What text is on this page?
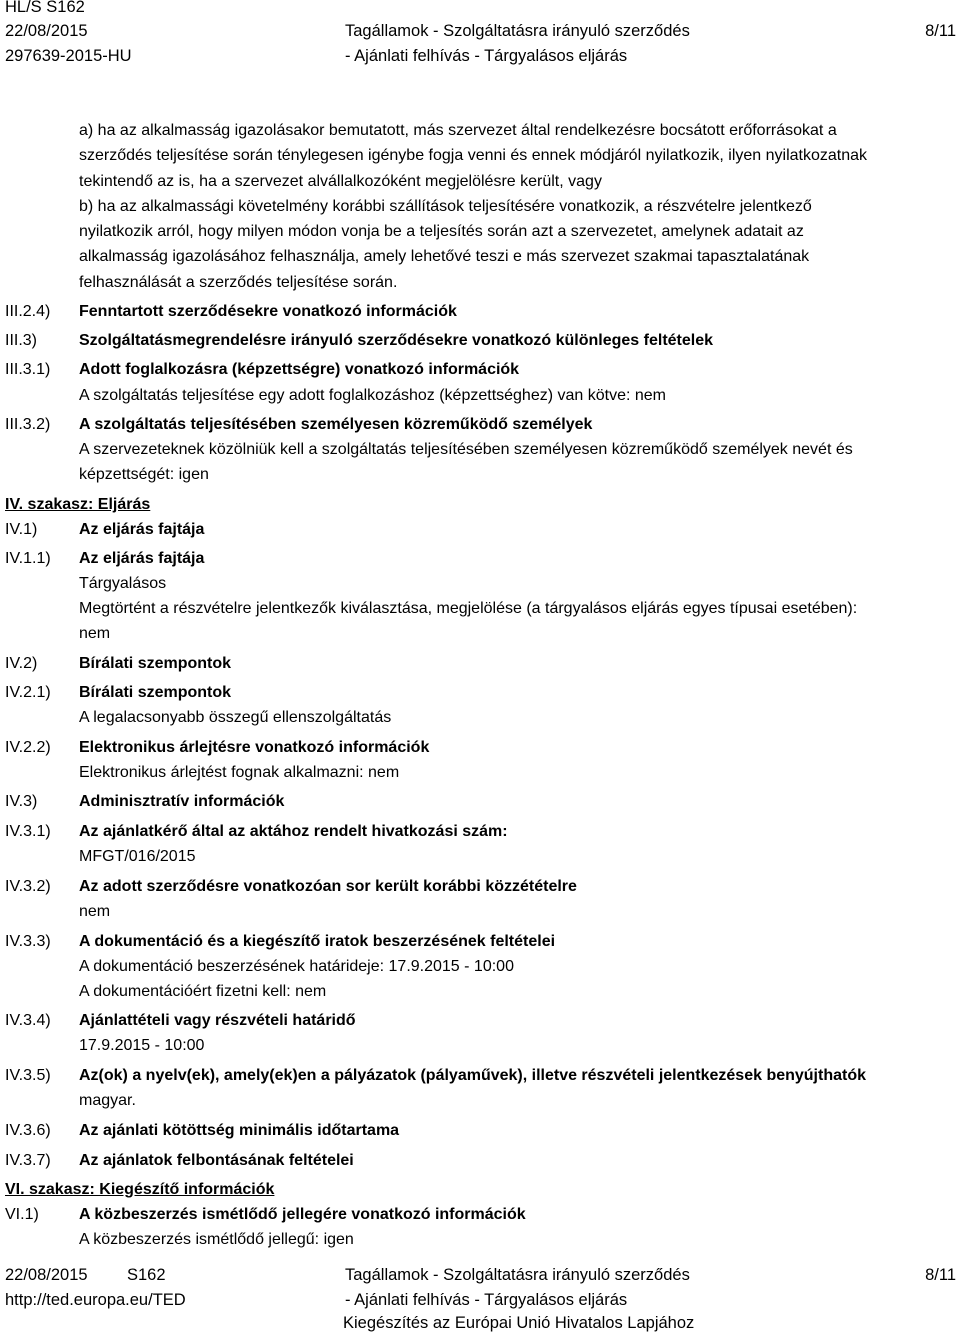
HL/S S162
22/08/2015
297639-2015-HU
Tagállamok - Szolgáltatásra irányuló szerződés
- Ajánlati felhívás - Tárgyalásos eljárás
8/11
a) ha az alkalmasság igazolásakor bemutatott, más szervezet által rendelkezésre bocsátott erőforrásokat a
szerződés teljesítése során ténylegesen igénybe fogja venni és ennek módjáról nyilatkozik, ilyen nyilatkozatnak
tekintendő az is, ha a szervezet alvállalkozóként megjelölésre került, vagy
b) ha az alkalmassági követelmény korábbi szállítások teljesítésére vonatkozik, a részvételre jelentkező
nyilatkozik arról, hogy milyen módon vonja be a teljesítés során azt a szervezetet, amelynek adatait az
alkalmasság igazolásához felhasználja, amely lehetővé teszi e más szervezet szakmai tapasztalatának
felhasználását a szerződés teljesítése során.
III.2.4) Fenntartott szerződésekre vonatkozó információk
III.3)	Szolgáltatásmegrendelésre irányuló szerződésekre vonatkozó különleges feltételek
III.3.1) Adott foglalkozásra (képzettségre) vonatkozó információk
A szolgáltatás teljesítése egy adott foglalkozáshoz (képzettséghez) van kötve: nem
III.3.2) A szolgáltatás teljesítésében személyesen közreműködő személyek
A szervezeteknek közölniük kell a szolgáltatás teljesítésében személyesen közreműködő személyek nevét és
képzettségét: igen
IV. szakasz: Eljárás
IV.1)	Az eljárás fajtája
IV.1.1) Az eljárás fajtája
Tárgyalásos
Megtörtént a részvételre jelentkezők kiválasztása, megjelölése (a tárgyalásos eljárás egyes típusai esetében):
nem
IV.2)	Bírálati szempontok
IV.2.1) Bírálati szempontok
A legalacsonyabb összegű ellenszolgáltatás
IV.2.2) Elektronikus árlejtésre vonatkozó információk
Elektronikus árlejtést fognak alkalmazni: nem
IV.3)	Adminisztratív információk
IV.3.1) Az ajánlatkérő által az aktához rendelt hivatkozási szám:
MFGT/016/2015
IV.3.2) Az adott szerződésre vonatkozóan sor került korábbi közzétételre
nem
IV.3.3) A dokumentáció és a kiegészítő iratok beszerzésének feltételei
A dokumentáció beszerzésének határideje: 17.9.2015 - 10:00
A dokumentációért fizetni kell: nem
IV.3.4) Ajánlattételi vagy részvételi határidő
17.9.2015 - 10:00
IV.3.5) Az(ok) a nyelv(ek), amely(ek)en a pályázatok (pályaművek), illetve részvételi jelentkezések benyújthatók
magyar.
IV.3.6) Az ajánlati kötöttség minimális időtartama
IV.3.7) Az ajánlatok felbontásának feltételei
VI. szakasz: Kiegészítő információk
VI.1)	A közbeszerzés ismétlődő jellegére vonatkozó információk
A közbeszerzés ismétlődő jellegű: igen
22/08/2015 S162
http://ted.europa.eu/TED
Tagállamok - Szolgáltatásra irányuló szerződés
- Ajánlati felhívás - Tárgyalásos eljárás
Kiegészítés az Európai Unió Hivatalos Lapjához
8/11
